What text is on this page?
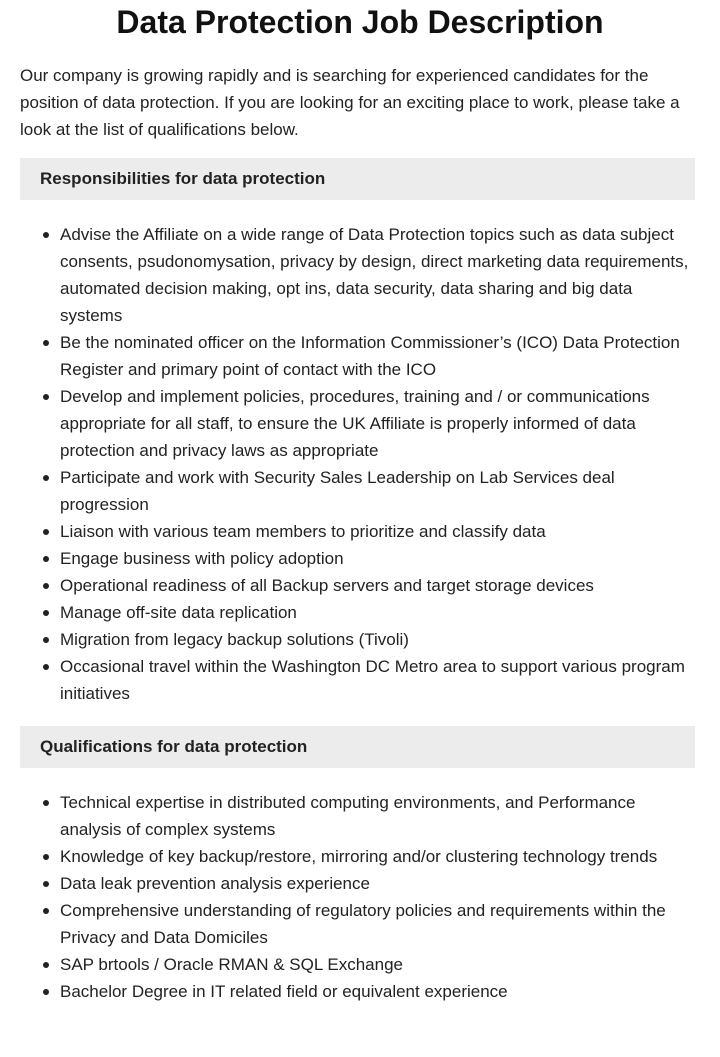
Data Protection Job Description

Our company is growing rapidly and is searching for experienced candidates for the position of data protection. If you are looking for an exciting place to work, please take a look at the list of qualifications below.

Responsibilities for data protection
Advise the Affiliate on a wide range of Data Protection topics such as data subject consents, psudonomysation, privacy by design, direct marketing data requirements, automated decision making, opt ins, data security, data sharing and big data systems
Be the nominated officer on the Information Commissioner’s (ICO) Data Protection Register and primary point of contact with the ICO
Develop and implement policies, procedures, training and / or communications appropriate for all staff, to ensure the UK Affiliate is properly informed of data protection and privacy laws as appropriate
Participate and work with Security Sales Leadership on Lab Services deal progression
Liaison with various team members to prioritize and classify data
Engage business with policy adoption
Operational readiness of all Backup servers and target storage devices
Manage off-site data replication
Migration from legacy backup solutions (Tivoli)
Occasional travel within the Washington DC Metro area to support various program initiatives
Qualifications for data protection
Technical expertise in distributed computing environments, and Performance analysis of complex systems
Knowledge of key backup/restore, mirroring and/or clustering technology trends
Data leak prevention analysis experience
Comprehensive understanding of regulatory policies and requirements within the Privacy and Data Domiciles
SAP brtools / Oracle RMAN & SQL Exchange
Bachelor Degree in IT related field or equivalent experience
